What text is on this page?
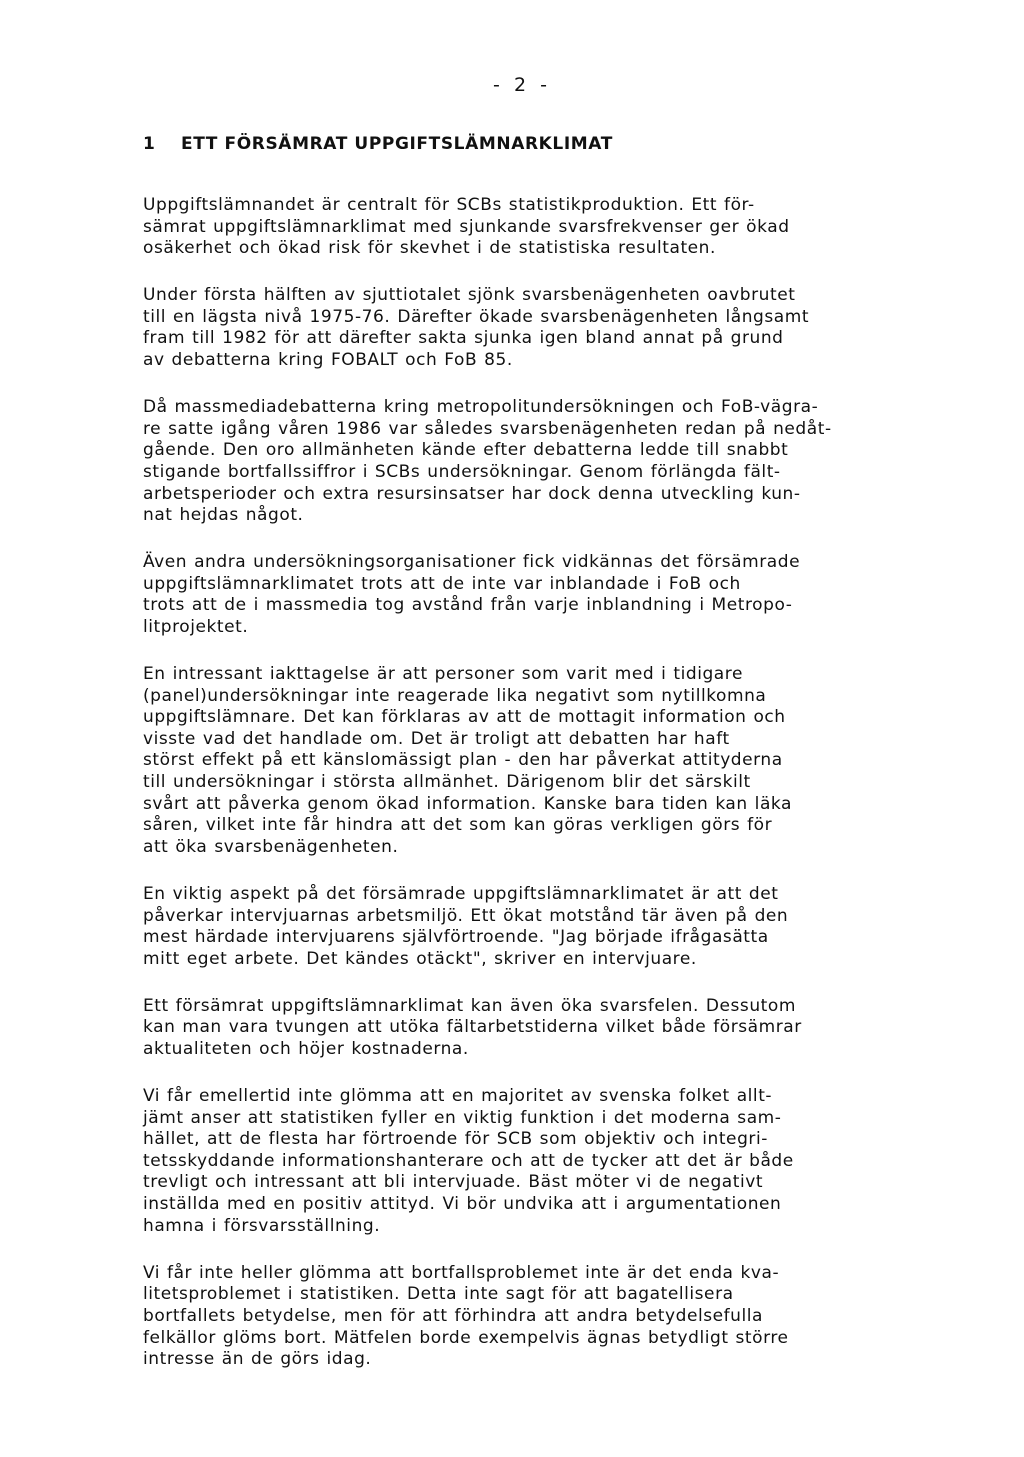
- 2 -
1 ETT FÖRSÄMRAT UPPGIFTSLÄMNARKLIMAT

Uppgiftslämnandet är centralt för SCBs statistikproduktion. Ett för-
sämrat uppgiftslämnarklimat med sjunkande svarsfrekvenser ger ökad
osäkerhet och ökad risk för skevhet i de statistiska resultaten.

Under första hälften av sjuttiotalet sjönk svarsbenägenheten oavbrutet
till en lägsta nivå 1975-76. Därefter ökade svarsbenägenheten långsamt
fram till 1982 för att därefter sakta sjunka igen bland annat på grund
av debatterna kring FOBALT och FoB 85.

Då massmediadebatterna kring metropolitundersökningen och FoB-vägra-
re satte igång våren 1986 var således svarsbenägenheten redan på nedåt-
gående. Den oro allmänheten kände efter debatterna ledde till snabbt
stigande bortfallssiffror i SCBs undersökningar. Genom förlängda fält-
arbetsperioder och extra resursinsatser har dock denna utveckling kun-
nat hejdas något.

Även andra undersökningsorganisationer fick vidkännas det försämrade
uppgiftslämnarklimatet trots att de inte var inblandade i FoB och
trots att de i massmedia tog avstånd från varje inblandning i Metropo-
litprojektet.

En intressant iakttagelse är att personer som varit med i tidigare
(panel)undersökningar inte reagerade lika negativt som nytillkomna
uppgiftslämnare. Det kan förklaras av att de mottagit information och
visste vad det handlade om. Det är troligt att debatten har haft
störst effekt på ett känslomässigt plan - den har påverkat attityderna
till undersökningar i största allmänhet. Därigenom blir det särskilt
svårt att påverka genom ökad information. Kanske bara tiden kan läka
såren, vilket inte får hindra att det som kan göras verkligen görs för
att öka svarsbenägenheten.

En viktig aspekt på det försämrade uppgiftslämnarklimatet är att det
påverkar intervjuarnas arbetsmiljö. Ett ökat motstånd tär även på den
mest härdade intervjuarens självförtroende. "Jag började ifrågasätta
mitt eget arbete. Det kändes otäckt", skriver en intervjuare.

Ett försämrat uppgiftslämnarklimat kan även öka svarsfelen. Dessutom
kan man vara tvungen att utöka fältarbetstiderna vilket både försämrar
aktualiteten och höjer kostnaderna.

Vi får emellertid inte glömma att en majoritet av svenska folket allt-
jämt anser att statistiken fyller en viktig funktion i det moderna sam-
hället, att de flesta har förtroende för SCB som objektiv och integri-
tetsskyddande informationshanterare och att de tycker att det är både
trevligt och intressant att bli intervjuade. Bäst möter vi de negativt
inställda med en positiv attityd. Vi bör undvika att i argumentationen
hamna i försvarsställning.

Vi får inte heller glömma att bortfallsproblemet inte är det enda kva-
litetsproblemet i statistiken. Detta inte sagt för att bagatellisera
bortfallets betydelse, men för att förhindra att andra betydelsefulla
felkällor glöms bort. Mätfelen borde exempelvis ägnas betydligt större
intresse än de görs idag.
